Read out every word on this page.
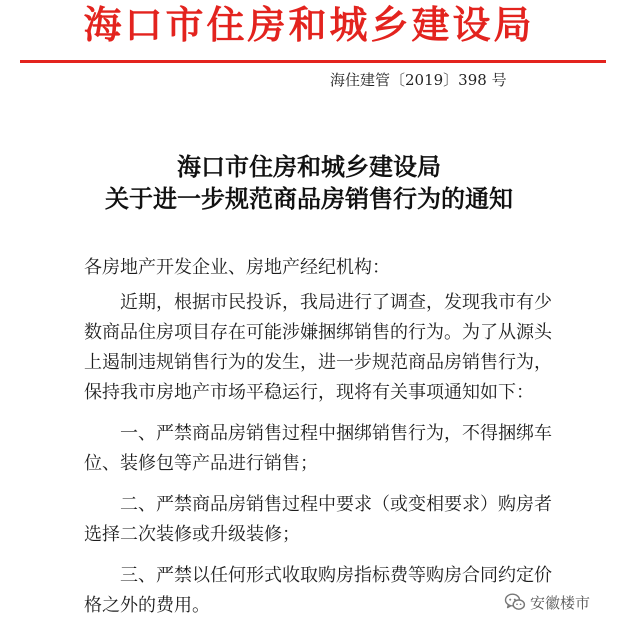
海口市住房和城乡建设局
海住建管〔2019〕398 号
海口市住房和城乡建设局
关于进一步规范商品房销售行为的通知
各房地产开发企业、房地产经纪机构：
近期，根据市民投诉，我局进行了调查，发现我市有少
数商品住房项目存在可能涉嫌捆绑销售的行为。为了从源头
上遏制违规销售行为的发生，进一步规范商品房销售行为，
保持我市房地产市场平稳运行，现将有关事项通知如下：
一、严禁商品房销售过程中捆绑销售行为，不得捆绑车
位、装修包等产品进行销售；
二、严禁商品房销售过程中要求（或变相要求）购房者
选择二次装修或升级装修；
三、严禁以任何形式收取购房指标费等购房合同约定价
格之外的费用。	安徽楼市
